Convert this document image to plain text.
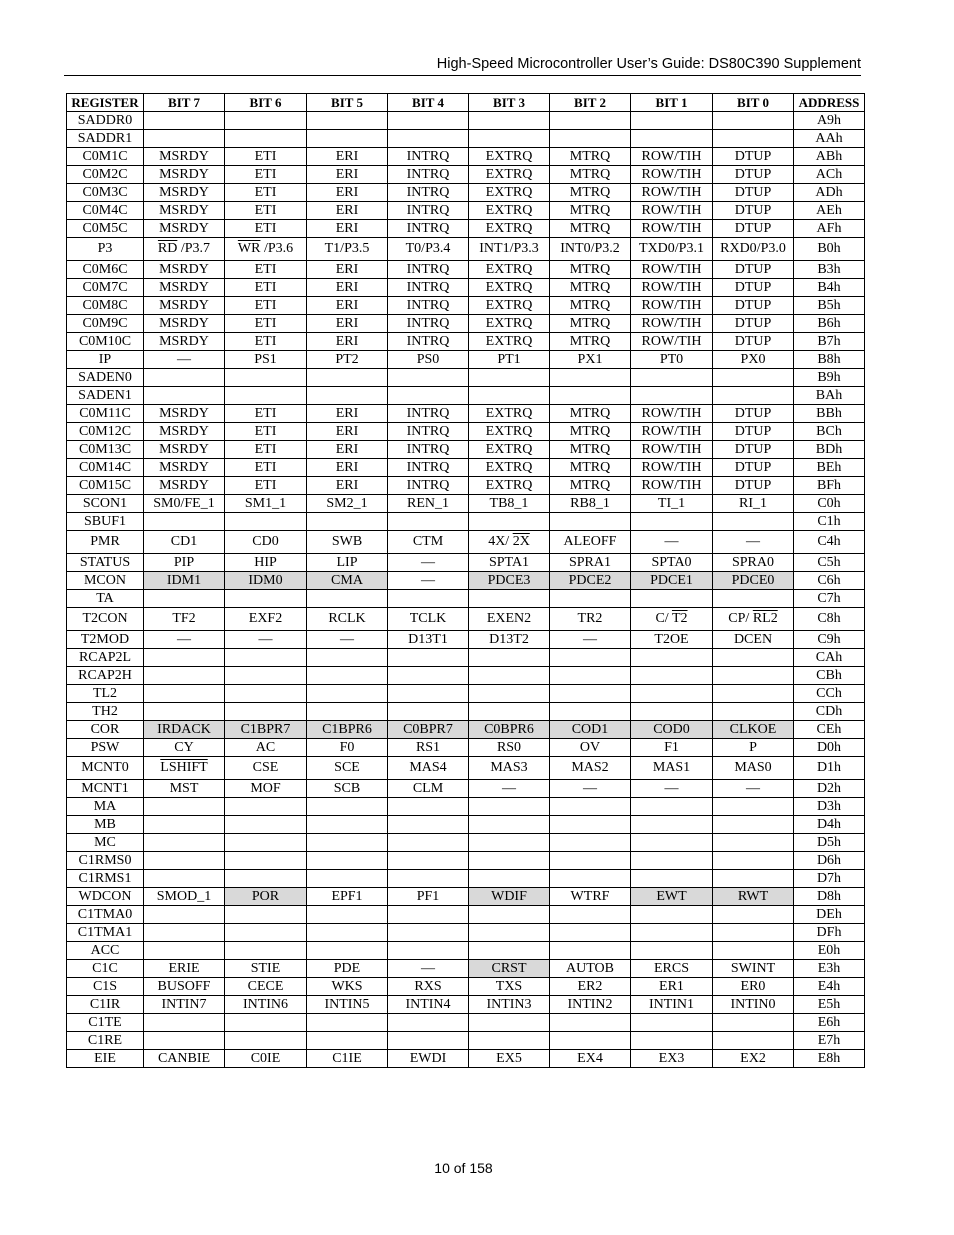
High-Speed Microcontroller User’s Guide: DS80C390 Supplement
REGISTER	BIT 7	BIT 6	BIT 5	BIT 4	BIT 3	BIT 2	BIT 1	BIT 0	ADDRESS
SADDR0									A9h
SADDR1									AAh
C0M1C	MSRDY	ETI	ERI	INTRQ	EXTRQ	MTRQ	ROW/TIH	DTUP	ABh
C0M2C	MSRDY	ETI	ERI	INTRQ	EXTRQ	MTRQ	ROW/TIH	DTUP	ACh
C0M3C	MSRDY	ETI	ERI	INTRQ	EXTRQ	MTRQ	ROW/TIH	DTUP	ADh
C0M4C	MSRDY	ETI	ERI	INTRQ	EXTRQ	MTRQ	ROW/TIH	DTUP	AEh
C0M5C	MSRDY	ETI	ERI	INTRQ	EXTRQ	MTRQ	ROW/TIH	DTUP	AFh
P3	$\overline{RD}$ /P3.7	$\overline{WR}$ /P3.6	T1/P3.5	T0/P3.4	INT1/P3.3	INT0/P3.2	TXD0/P3.1	RXD0/P3.0	B0h
C0M6C	MSRDY	ETI	ERI	INTRQ	EXTRQ	MTRQ	ROW/TIH	DTUP	B3h
C0M7C	MSRDY	ETI	ERI	INTRQ	EXTRQ	MTRQ	ROW/TIH	DTUP	B4h
C0M8C	MSRDY	ETI	ERI	INTRQ	EXTRQ	MTRQ	ROW/TIH	DTUP	B5h
C0M9C	MSRDY	ETI	ERI	INTRQ	EXTRQ	MTRQ	ROW/TIH	DTUP	B6h
C0M10C	MSRDY	ETI	ERI	INTRQ	EXTRQ	MTRQ	ROW/TIH	DTUP	B7h
IP	—	PS1	PT2	PS0	PT1	PX1	PT0	PX0	B8h
SADEN0									B9h
SADEN1									BAh
C0M11C	MSRDY	ETI	ERI	INTRQ	EXTRQ	MTRQ	ROW/TIH	DTUP	BBh
C0M12C	MSRDY	ETI	ERI	INTRQ	EXTRQ	MTRQ	ROW/TIH	DTUP	BCh
C0M13C	MSRDY	ETI	ERI	INTRQ	EXTRQ	MTRQ	ROW/TIH	DTUP	BDh
C0M14C	MSRDY	ETI	ERI	INTRQ	EXTRQ	MTRQ	ROW/TIH	DTUP	BEh
C0M15C	MSRDY	ETI	ERI	INTRQ	EXTRQ	MTRQ	ROW/TIH	DTUP	BFh
SCON1	SM0/FE_1	SM1_1	SM2_1	REN_1	TB8_1	RB8_1	TI_1	RI_1	C0h
SBUF1									C1h
PMR	CD1	CD0	SWB	CTM	4X/ 2X	ALEOFF	—	—	C4h
STATUS	PIP	HIP	LIP	—	SPTA1	SPRA1	SPTA0	SPRA0	C5h
MCON	IDM1	IDM0	CMA	—	PDCE3	PDCE2	PDCE1	PDCE0	C6h
TA									C7h
T2CON	TF2	EXF2	RCLK	TCLK	EXEN2	TR2	C/ T2	CP/ RL2	C8h
T2MOD	—	—	—	D13T1	D13T2	—	T2OE	DCEN	C9h
RCAP2L									CAh
RCAP2H									CBh
TL2									CCh
TH2									CDh
COR	IRDACK	C1BPR7	C1BPR6	C0BPR7	C0BPR6	COD1	COD0	CLKOE	CEh
PSW	CY	AC	F0	RS1	RS0	OV	F1	P	D0h
MCNT0	LSHIFT	CSE	SCE	MAS4	MAS3	MAS2	MAS1	MAS0	D1h
MCNT1	MST	MOF	SCB	CLM	—	—	—	—	D2h
MA									D3h
MB									D4h
MC									D5h
C1RMS0									D6h
C1RMS1									D7h
WDCON	SMOD_1	POR	EPF1	PF1	WDIF	WTRF	EWT	RWT	D8h
C1TMA0									DEh
C1TMA1									DFh
ACC									E0h
C1C	ERIE	STIE	PDE	—	CRST	AUTOB	ERCS	SWINT	E3h
C1S	BUSOFF	CECE	WKS	RXS	TXS	ER2	ER1	ER0	E4h
C1IR	INTIN7	INTIN6	INTIN5	INTIN4	INTIN3	INTIN2	INTIN1	INTIN0	E5h
C1TE									E6h
C1RE									E7h
EIE	CANBIE	C0IE	C1IE	EWDI	EX5	EX4	EX3	EX2	E8h
10 of 158
